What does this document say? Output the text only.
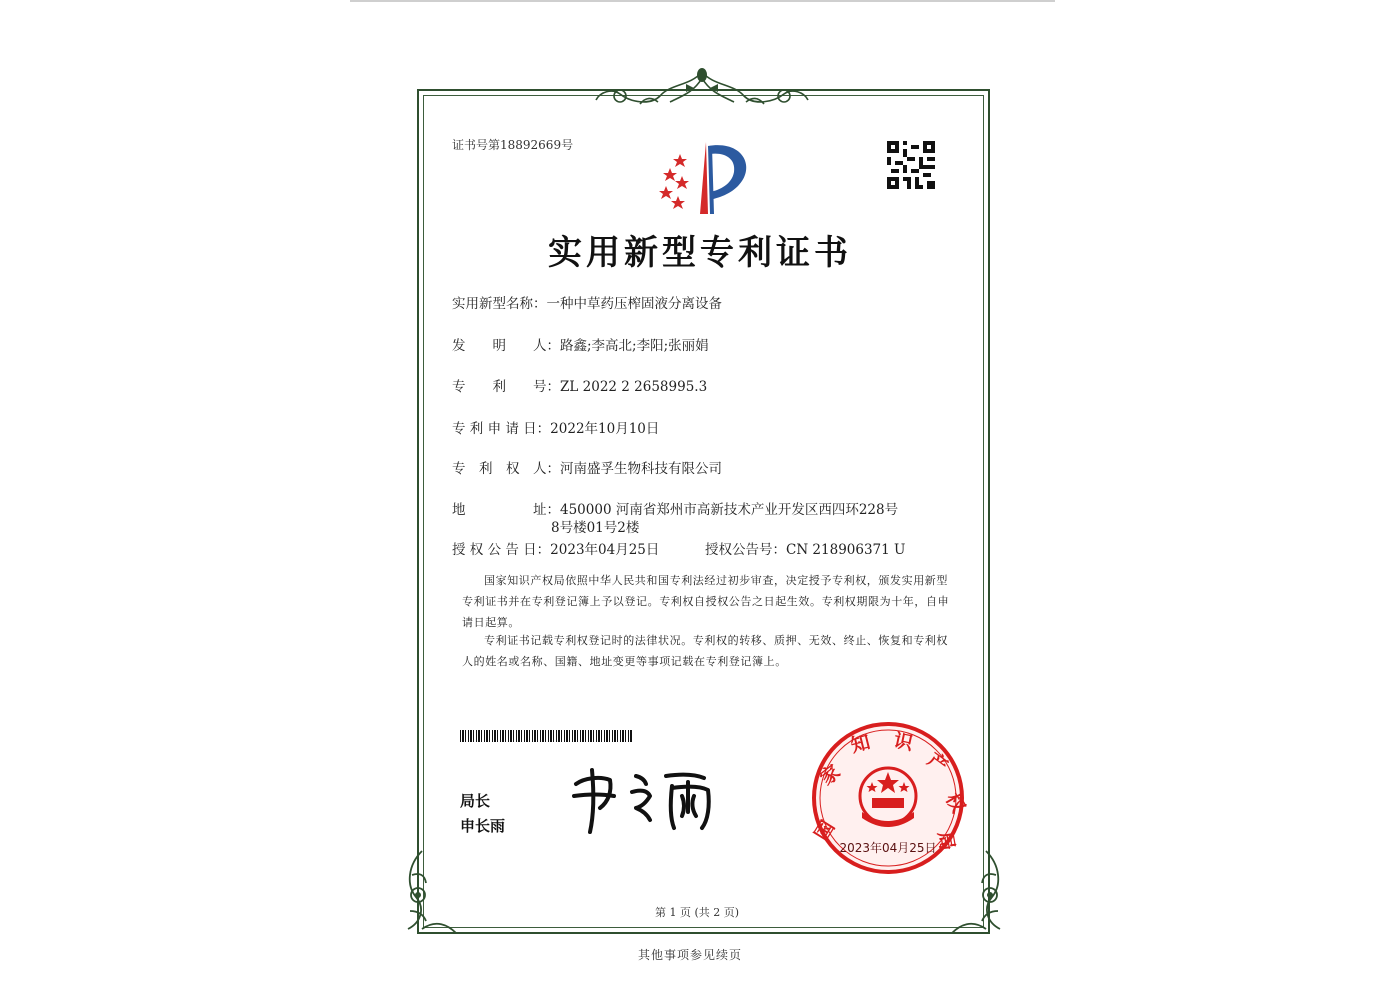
证书号第18892669号
实用新型专利证书
实用新型名称：一种中草药压榨固液分离设备
发　　明　　人：路鑫;李高北;李阳;张丽娟
专　　利　　号：ZL 2022 2 2658995.3
专 利 申 请 日：2022年10月10日
专　利　权　人：河南盛孚生物科技有限公司
地　　　　　址：450000 河南省郑州市高新技术产业开发区西四环228号
8号楼01号2楼
授 权 公 告 日：2023年04月25日	授权公告号：CN 218906371 U
国家知识产权局依照中华人民共和国专利法经过初步审查，决定授予专利权，颁发实用新型
专利证书并在专利登记簿上予以登记。专利权自授权公告之日起生效。专利权期限为十年，自申
请日起算。
专利证书记载专利权登记时的法律状况。专利权的转移、质押、无效、终止、恢复和专利权
人的姓名或名称、国籍、地址变更等事项记载在专利登记簿上。
局长
申长雨	国
家
知 识
产
权
局
2023年04月25日
第 1 页 (共 2 页)
其他事项参见续页
